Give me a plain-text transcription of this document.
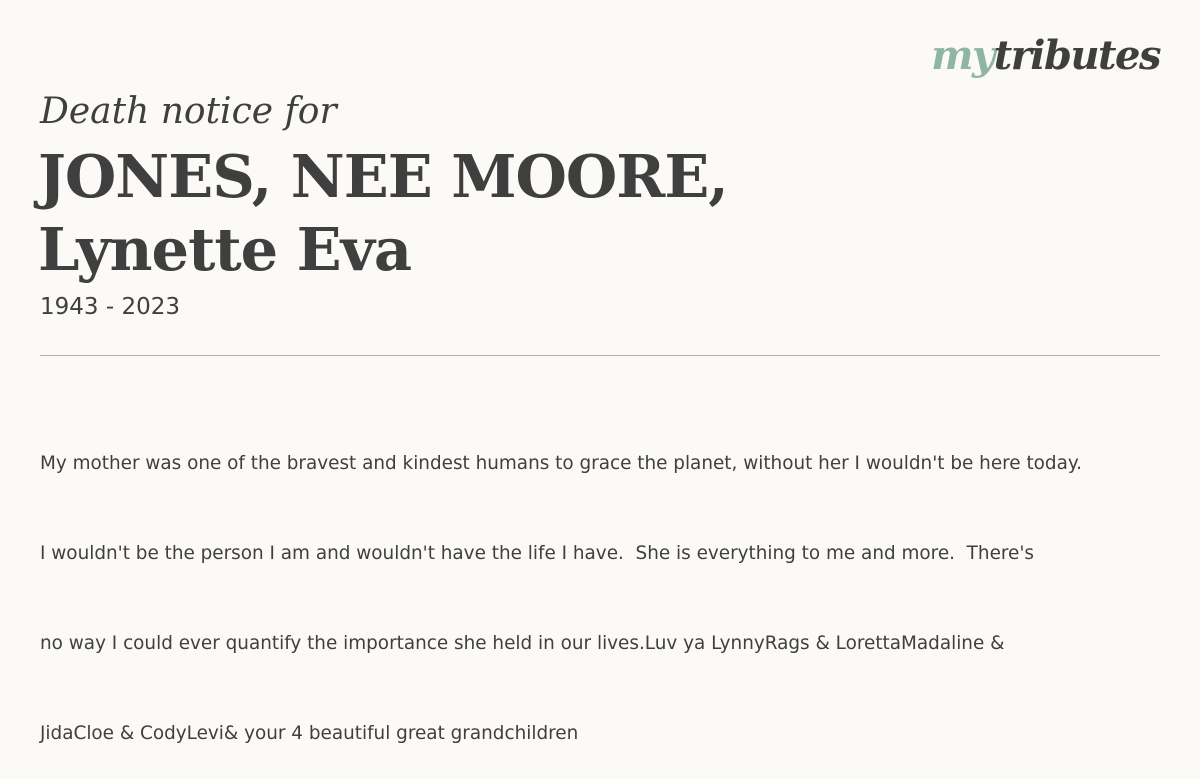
mytributes
Death notice for
JONES, NEE MOORE,
Lynette Eva
1943 - 2023

My mother was one of the bravest and kindest humans to grace the planet, without her I wouldn't be here today.

I wouldn't be the person I am and wouldn't have the life I have.  She is everything to me and more.  There's

no way I could ever quantify the importance she held in our lives.Luv ya LynnyRags & LorettaMadaline &

JidaCloe & CodyLevi& your 4 beautiful great grandchildren
